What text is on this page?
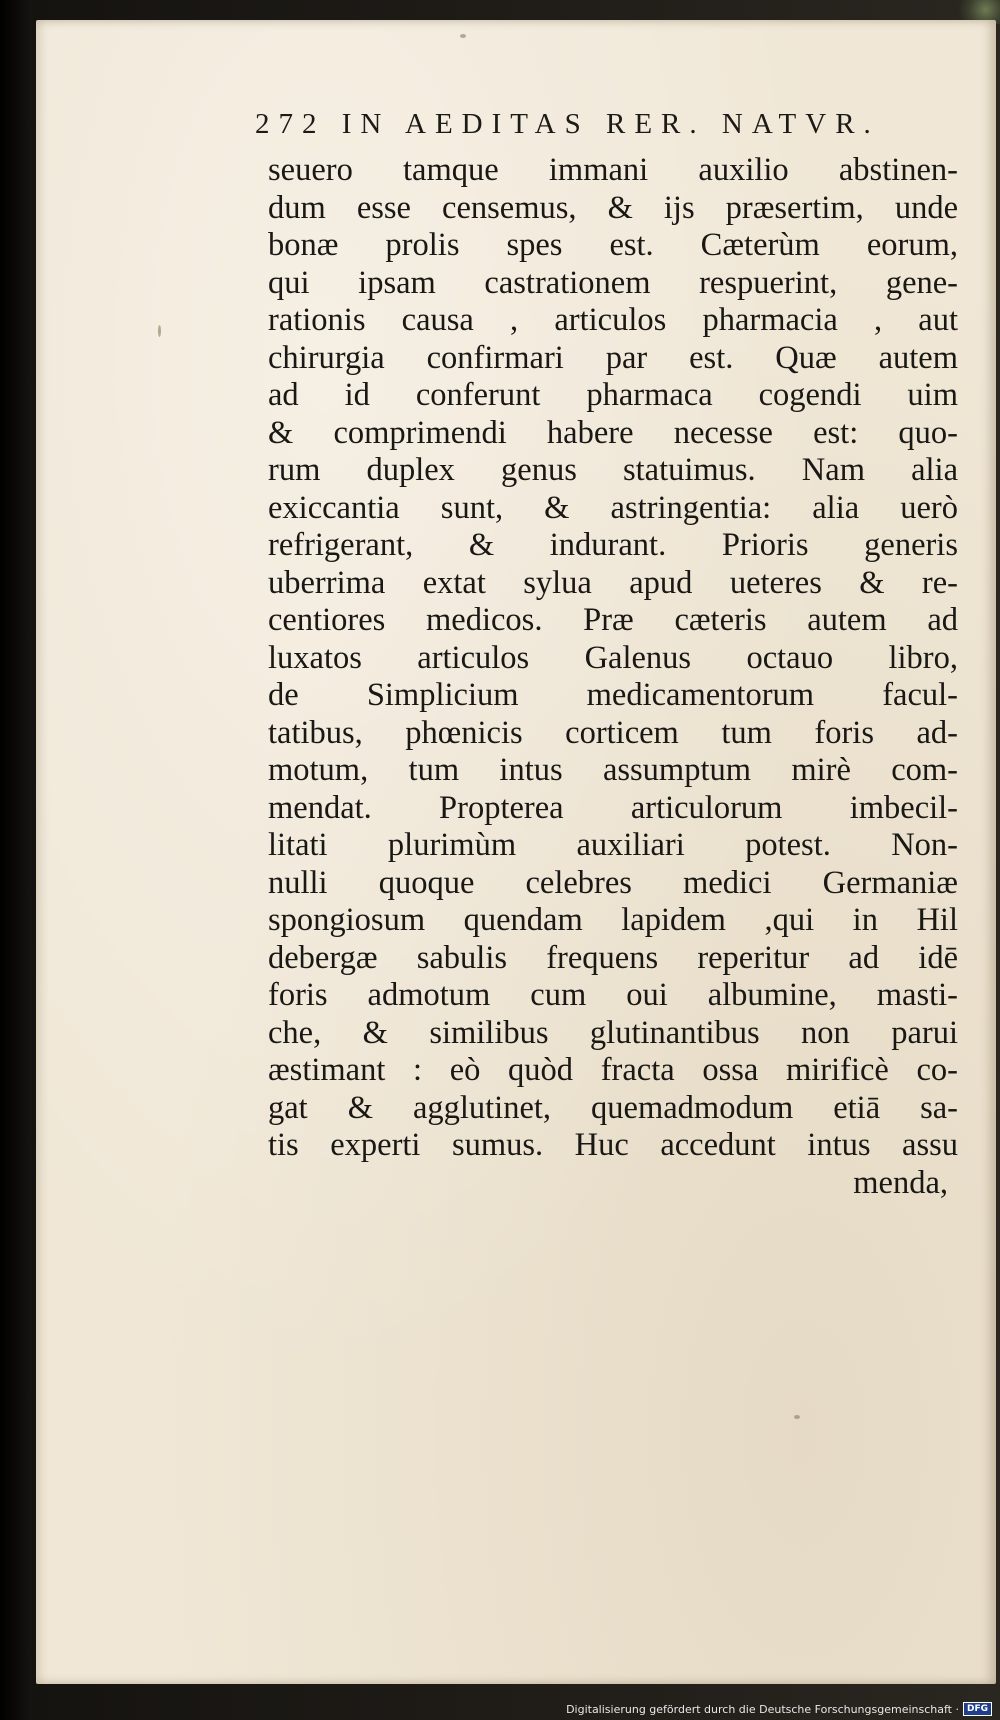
272 IN AEDITAS RER. NATVR.
seuero tamque immani auxilio abstinen-
dum esse censemus, & ijs præsertim, unde
bonæ prolis spes est. Cæterùm eorum,
qui ipsam castrationem respuerint, gene-
rationis causa , articulos pharmacia , aut
chirurgia confirmari par est. Quæ autem
ad id conferunt pharmaca cogendi uim
& comprimendi habere necesse est: quo-
rum duplex genus statuimus. Nam alia
exiccantia sunt, & astringentia: alia uerò
refrigerant, & indurant. Prioris generis
uberrima extat sylua apud ueteres & re-
centiores medicos. Præ cæteris autem ad
luxatos articulos Galenus octauo libro,
de Simplicium medicamentorum facul-
tatibus, phœnicis corticem tum foris ad-
motum, tum intus assumptum mirè com-
mendat. Propterea articulorum imbecil-
litati plurimùm auxiliari potest. Non-
nulli quoque celebres medici Germaniæ
spongiosum quendam lapidem ,qui in Hil
debergæ sabulis frequens reperitur ad idē
foris admotum cum oui albumine, masti-
che, & similibus glutinantibus non parui
æstimant : eò quòd fracta ossa mirificè co-
gat & agglutinet, quemadmodum etiā sa-
tis experti sumus. Huc accedunt intus assu
menda,
Digitalisierung gefördert durch die Deutsche Forschungsgemeinschaft · DFG
